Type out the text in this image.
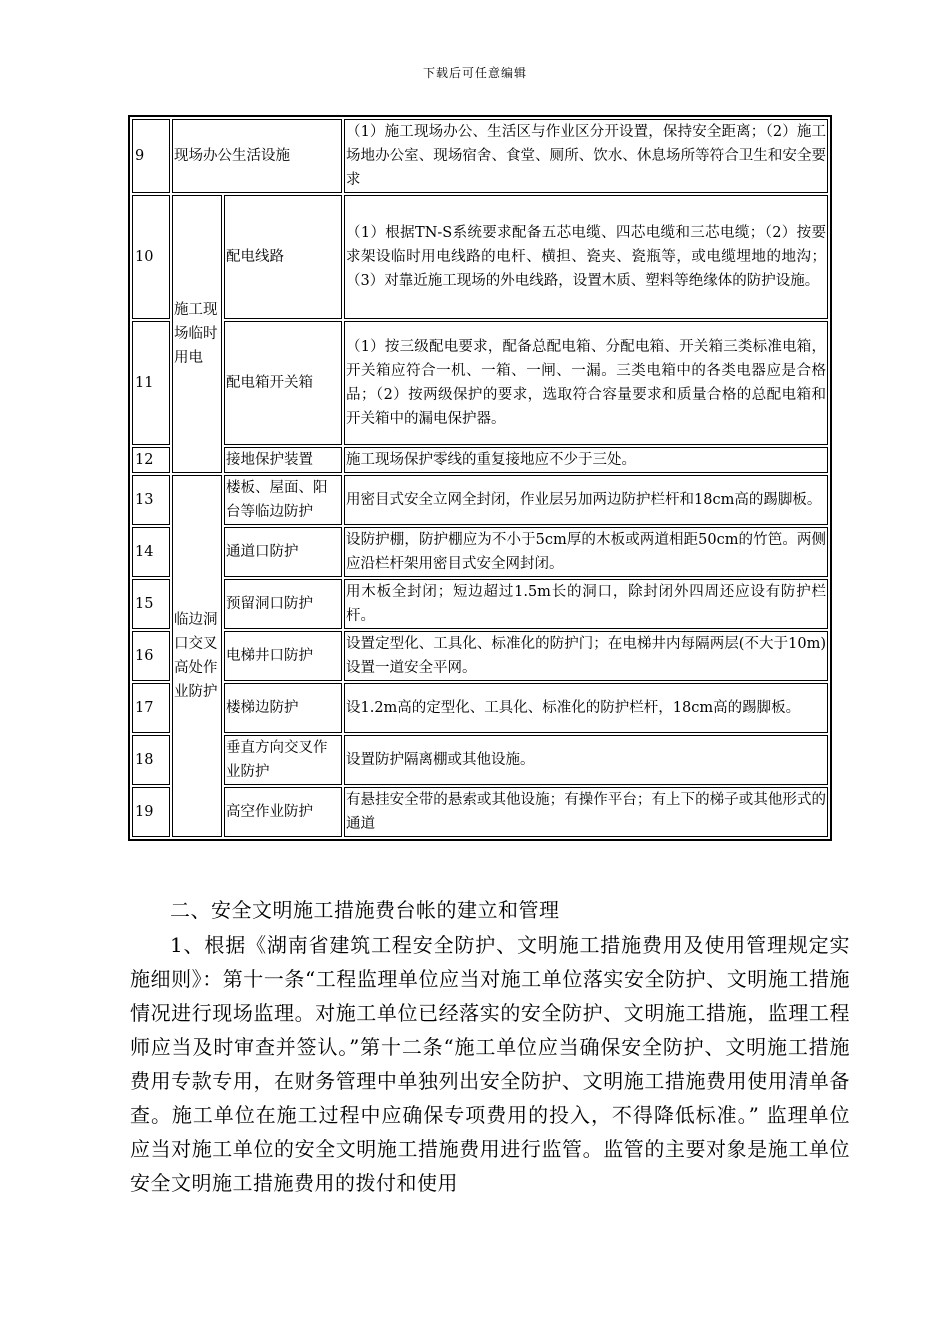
下载后可任意编辑
9	现场办公生活设施		（1）施工现场办公、生活区与作业区分开设置，保持安全距离；（2）施工场地办公室、现场宿舍、食堂、厕所、饮水、休息场所等符合卫生和安全要求
10	施工现场临时用电	配电线路	（1）根据TN-S系统要求配备五芯电缆、四芯电缆和三芯电缆；（2）按要求架设临时用电线路的电杆、横担、瓷夹、瓷瓶等，或电缆埋地的地沟；（3）对靠近施工现场的外电线路，设置木质、塑料等绝缘体的防护设施。
11		配电箱开关箱	（1）按三级配电要求，配备总配电箱、分配电箱、开关箱三类标准电箱，开关箱应符合一机、一箱、一闸、一漏。三类电箱中的各类电器应是合格品；（2）按两级保护的要求，选取符合容量要求和质量合格的总配电箱和开关箱中的漏电保护器。
12		接地保护装置	施工现场保护零线的重复接地应不少于三处。
13	临边洞口交叉高处作业防护	楼板、屋面、阳台等临边防护	用密目式安全立网全封闭，作业层另加两边防护栏杆和18cm高的踢脚板。
14		通道口防护	设防护棚，防护棚应为不小于5cm厚的木板或两道相距50cm的竹笆。两侧应沿栏杆架用密目式安全网封闭。
15		预留洞口防护	用木板全封闭；短边超过1.5m长的洞口，除封闭外四周还应设有防护栏杆。
16		电梯井口防护	设置定型化、工具化、标准化的防护门；在电梯井内每隔两层(不大于10m)设置一道安全平网。
17		楼梯边防护	设1.2m高的定型化、工具化、标准化的防护栏杆，18cm高的踢脚板。
18		垂直方向交叉作业防护	设置防护隔离棚或其他设施。
19		高空作业防护	有悬挂安全带的悬索或其他设施；有操作平台；有上下的梯子或其他形式的通道

二、安全文明施工措施费台帐的建立和管理

1、根据《湖南省建筑工程安全防护、文明施工措施费用及使用管理规定实施细则》：第十一条“工程监理单位应当对施工单位落实安全防护、文明施工措施情况进行现场监理。对施工单位已经落实的安全防护、文明施工措施，监理工程师应当及时审查并签认。”第十二条“施工单位应当确保安全防护、文明施工措施费用专款专用，在财务管理中单独列出安全防护、文明施工措施费用使用清单备查。施工单位在施工过程中应确保专项费用的投入，不得降低标准。” 监理单位应当对施工单位的安全文明施工措施费用进行监管。监管的主要对象是施工单位安全文明施工措施费用的拨付和使用
